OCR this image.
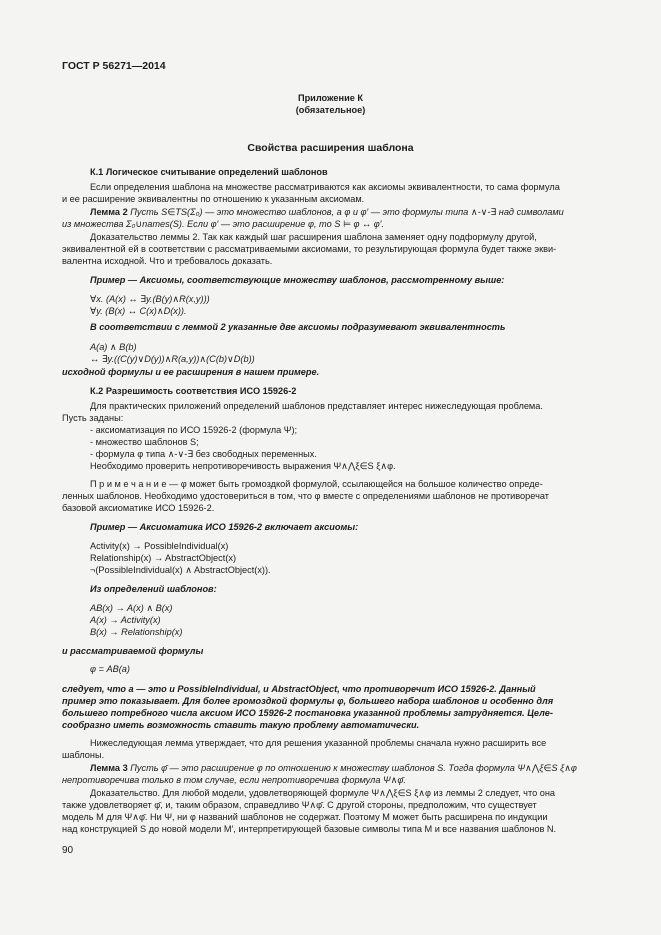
ГОСТ Р 56271—2014
Приложение К
(обязательное)
Свойства расширения шаблона
К.1 Логическое считывание определений шаблонов
Если определения шаблона на множестве рассматриваются как аксиомы эквивалентности, то сама формула
и ее расширение эквивалентны по отношению к указанным аксиомам.
Лемма 2 Пусть S∈TS(Σ₀) — это множество шаблонов, а φ и φ′ — это формулы типа ∧-∨-∃ над символами
из множества Σ₀∪names(S). Если φ′ — это расширение φ, то S ⊨ φ ↔ φ′.
Доказательство леммы 2. Так как каждый шаг расширения шаблона заменяет одну подформулу другой,
эквивалентной ей в соответствии с рассматриваемыми аксиомами, то результирующая формула будет также экви-
валентна исходной. Что и требовалось доказать.
Пример — Аксиомы, соответствующие множеству шаблонов, рассмотренному выше:
∀x. (A(x) ↔ ∃y.(B(y)∧R(x,y)))
∀y. (B(x) ↔ C(x)∧D(x)).
В соответствии с леммой 2 указанные две аксиомы подразумевают эквивалентность
A(a) ∧ B(b)
↔ ∃y.((C(y)∨D(y))∧R(a,y))∧(C(b)∨D(b))
исходной формулы и ее расширения в нашем примере.
К.2 Разрешимость соответствия ИСО 15926-2
Для практических приложений определений шаблонов представляет интерес нижеследующая проблема.
Пусть заданы:
- аксиоматизация по ИСО 15926-2 (формула Ψ);
- множество шаблонов S;
- формула φ типа ∧-∨-∃ без свободных переменных.
Необходимо проверить непротиворечивость выражения Ψ∧⋀ξ∈S ξ∧φ.
П р и м е ч а н и е — φ может быть громоздкой формулой, ссылающейся на большое количество опреде-
ленных шаблонов. Необходимо удостовериться в том, что φ вместе с определениями шаблонов не противоречат
базовой аксиоматике ИСО 15926-2.
Пример — Аксиоматика ИСО 15926-2 включает аксиомы:
Activity(x) → PossibleIndividual(x)
Relationship(x) → AbstractObject(x)
¬(PossibleIndividual(x) ∧ AbstractObject(x)).
Из определений шаблонов:
AB(x) → A(x) ∧ B(x)
A(x) → Activity(x)
B(x) → Relationship(x)
и рассматриваемой формулы
φ = AB(a)
следует, что a — это и PossibleIndividual, и AbstractObject, что противоречит ИСО 15926-2. Данный
пример это показывает. Для более громоздкой формулы φ, большего набора шаблонов и особенно для
большего потребного числа аксиом ИСО 15926-2 постановка указанной проблемы затрудняется. Целе-
сообразно иметь возможность ставить такую проблему автоматически.
Нижеследующая лемма утверждает, что для решения указанной проблемы сначала нужно расширить все
шаблоны.
Лемма 3 Пусть φ̄ — это расширение φ по отношению к множеству шаблонов S. Тогда формула Ψ∧⋀ξ∈S ξ∧φ
непротиворечива только в том случае, если непротиворечива формула Ψ∧φ̄.
Доказательство. Для любой модели, удовлетворяющей формуле Ψ∧⋀ξ∈S ξ∧φ из леммы 2 следует, что она
также удовлетворяет φ̄, и, таким образом, справедливо Ψ∧φ̄. С другой стороны, предположим, что существует
модель M для Ψ∧φ̄. Ни Ψ, ни φ названий шаблонов не содержат. Поэтому M может быть расширена по индукции
над конструкцией S до новой модели M′, интерпретирующей базовые символы типа M и все названия шаблонов N.
90
